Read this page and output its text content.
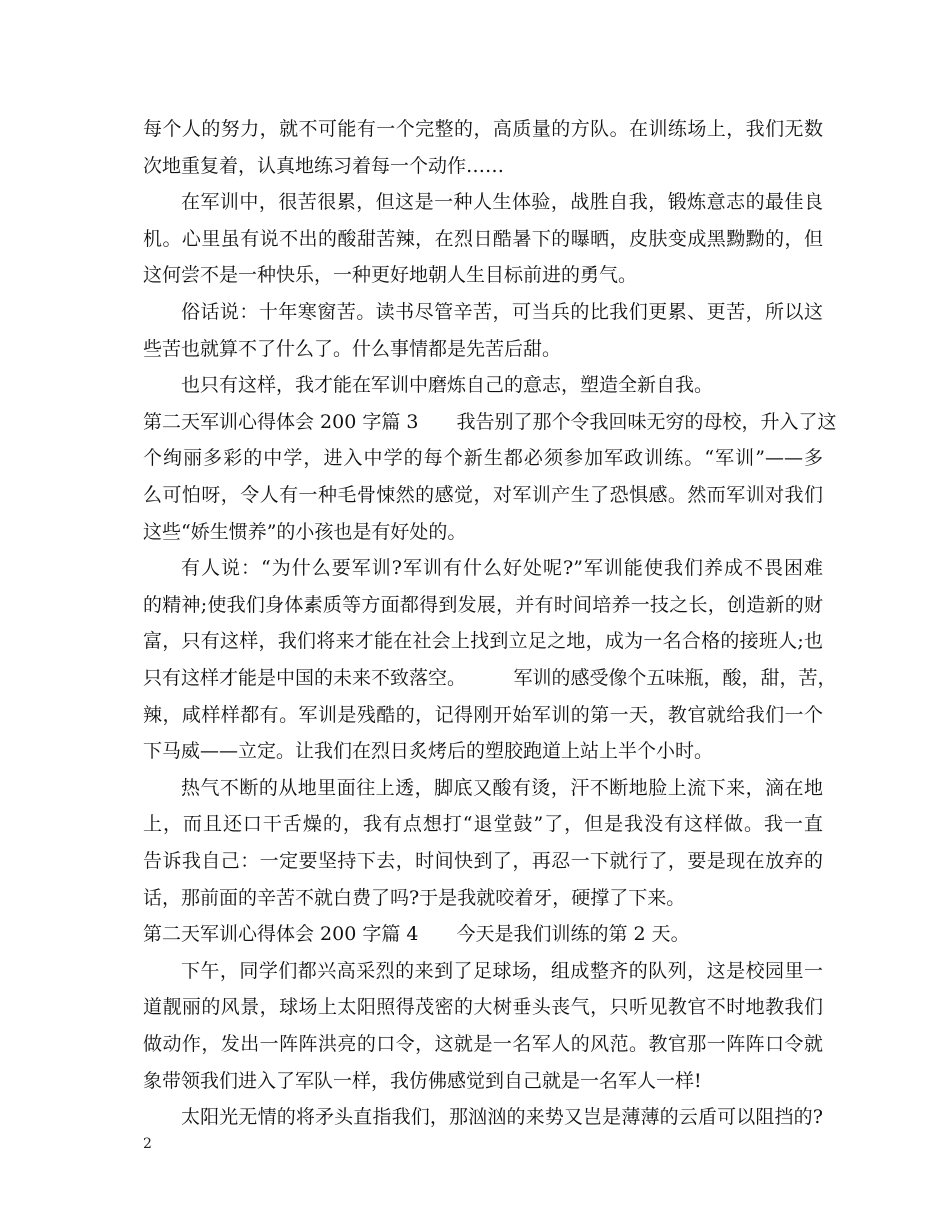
每个人的努力，就不可能有一个完整的，高质量的方队。在训练场上，我们无数
次地重复着，认真地练习着每一个动作……
在军训中，很苦很累，但这是一种人生体验，战胜自我，锻炼意志的最佳良
机。心里虽有说不出的酸甜苦辣，在烈日酷暑下的曝晒，皮肤变成黑黝黝的，但
这何尝不是一种快乐，一种更好地朝人生目标前进的勇气。
俗话说：十年寒窗苦。读书尽管辛苦，可当兵的比我们更累、更苦，所以这
些苦也就算不了什么了。什么事情都是先苦后甜。
也只有这样，我才能在军训中磨炼自己的意志，塑造全新自我。
第二天军训心得体会 200 字篇 3　　我告别了那个令我回味无穷的母校，升入了这
个绚丽多彩的中学，进入中学的每个新生都必须参加军政训练。“军训”——多
么可怕呀，令人有一种毛骨悚然的感觉，对军训产生了恐惧感。然而军训对我们
这些“娇生惯养”的小孩也是有好处的。
有人说：“为什么要军训?军训有什么好处呢?”军训能使我们养成不畏困难
的精神;使我们身体素质等方面都得到发展，并有时间培养一技之长，创造新的财
富，只有这样，我们将来才能在社会上找到立足之地，成为一名合格的接班人;也
只有这样才能是中国的未来不致落空。　　　军训的感受像个五味瓶，酸，甜，苦，
辣，咸样样都有。军训是残酷的，记得刚开始军训的第一天，教官就给我们一个
下马威——立定。让我们在烈日炙烤后的塑胶跑道上站上半个小时。
热气不断的从地里面往上透，脚底又酸有烫，汗不断地脸上流下来，滴在地
上，而且还口干舌燥的，我有点想打“退堂鼓”了，但是我没有这样做。我一直
告诉我自己：一定要坚持下去，时间快到了，再忍一下就行了，要是现在放弃的
话，那前面的辛苦不就白费了吗?于是我就咬着牙，硬撑了下来。
第二天军训心得体会 200 字篇 4　　今天是我们训练的第 2 天。
下午，同学们都兴高采烈的来到了足球场，组成整齐的队列，这是校园里一
道靓丽的风景，球场上太阳照得茂密的大树垂头丧气，只听见教官不时地教我们
做动作，发出一阵阵洪亮的口令，这就是一名军人的风范。教官那一阵阵口令就
象带领我们进入了军队一样，我仿佛感觉到自己就是一名军人一样!
太阳光无情的将矛头直指我们，那汹汹的来势又岂是薄薄的云盾可以阻挡的?
2
